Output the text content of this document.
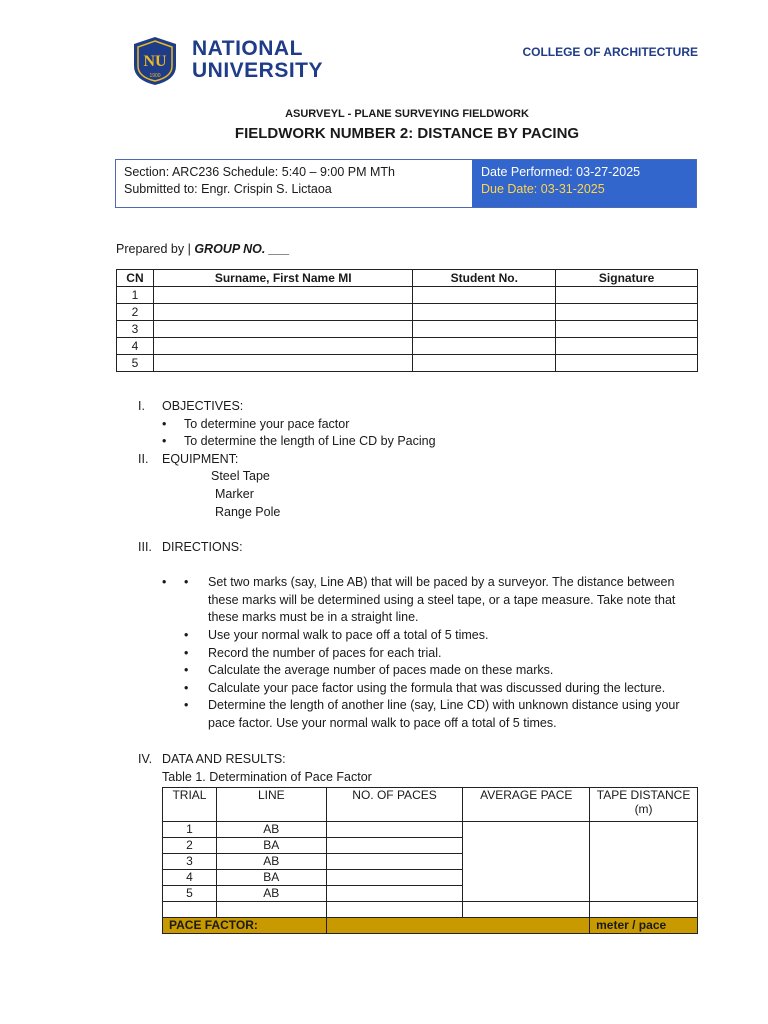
NU
1900
NATIONAL
UNIVERSITY
COLLEGE OF ARCHITECTURE
ASURVEYL - PLANE SURVEYING FIELDWORK
FIELDWORK NUMBER 2: DISTANCE BY PACING
Section: ARC236 Schedule: 5:40 – 9:00 PM MTh
Submitted to: Engr. Crispin S. Lictaoa
Date Performed: 03-27-2025
Due Date: 03-31-2025
Prepared by | GROUP NO. ___
CN	Surname, First Name MI	Student No.	Signature
1			
2			
3			
4			
5			
I. OBJECTIVES:
• To determine your pace factor
• To determine the length of Line CD by Pacing
II. EQUIPMENT:
Steel Tape
Marker
Range Pole
III. DIRECTIONS:
• • Set two marks (say, Line AB) that will be paced by a surveyor. The distance between these marks will be determined using a steel tape, or a tape measure. Take note that these marks must be in a straight line.
• Use your normal walk to pace off a total of 5 times.
• Record the number of paces for each trial.
• Calculate the average number of paces made on these marks.
• Calculate your pace factor using the formula that was discussed during the lecture.
• Determine the length of another line (say, Line CD) with unknown distance using your pace factor. Use your normal walk to pace off a total of 5 times.
IV. DATA AND RESULTS:
Table 1. Determination of Pace Factor
TRIAL	LINE	NO. OF PACES	AVERAGE PACE	TAPE DISTANCE (m)
1	AB			
2	BA			
3	AB			
4	BA			
5	AB			

PACE FACTOR:				meter / pace
